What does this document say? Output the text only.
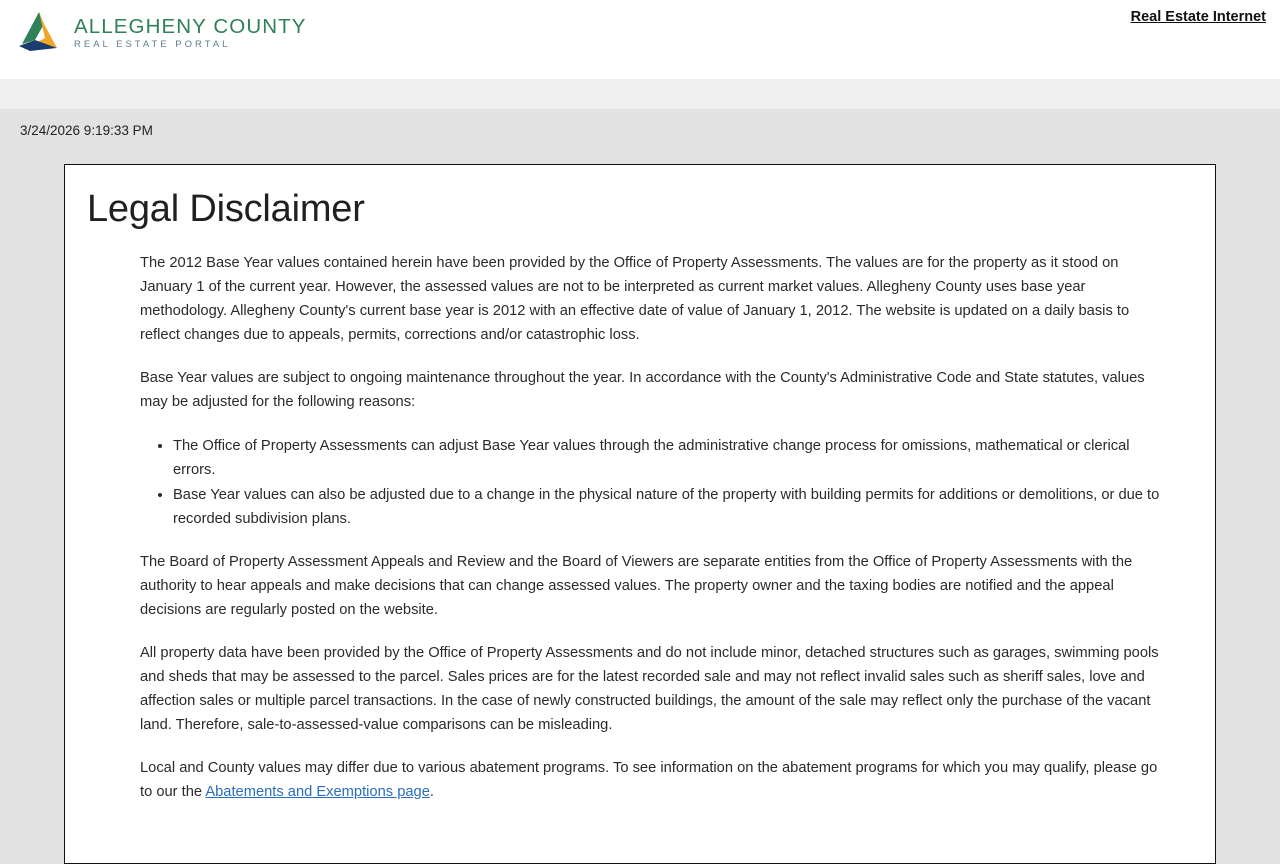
ALLEGHENY COUNTY
REAL ESTATE PORTAL
Real Estate Internet
3/24/2026 9:19:33 PM
Legal Disclaimer

The 2012 Base Year values contained herein have been provided by the Office of Property Assessments. The values are for the property as it stood on January 1 of the current year. However, the assessed values are not to be interpreted as current market values. Allegheny County uses base year methodology. Allegheny County's current base year is 2012 with an effective date of value of January 1, 2012. The website is updated on a daily basis to reflect changes due to appeals, permits, corrections and/or catastrophic loss.

Base Year values are subject to ongoing maintenance throughout the year. In accordance with the County's Administrative Code and State statutes, values may be adjusted for the following reasons:

• The Office of Property Assessments can adjust Base Year values through the administrative change process for omissions, mathematical or clerical errors.
• Base Year values can also be adjusted due to a change in the physical nature of the property with building permits for additions or demolitions, or due to recorded subdivision plans.

The Board of Property Assessment Appeals and Review and the Board of Viewers are separate entities from the Office of Property Assessments with the authority to hear appeals and make decisions that can change assessed values. The property owner and the taxing bodies are notified and the appeal decisions are regularly posted on the website.

All property data have been provided by the Office of Property Assessments and do not include minor, detached structures such as garages, swimming pools and sheds that may be assessed to the parcel. Sales prices are for the latest recorded sale and may not reflect invalid sales such as sheriff sales, love and affection sales or multiple parcel transactions. In the case of newly constructed buildings, the amount of the sale may reflect only the purchase of the vacant land. Therefore, sale-to-assessed-value comparisons can be misleading.

Local and County values may differ due to various abatement programs. To see information on the abatement programs for which you may qualify, please go to our the Abatements and Exemptions page.
